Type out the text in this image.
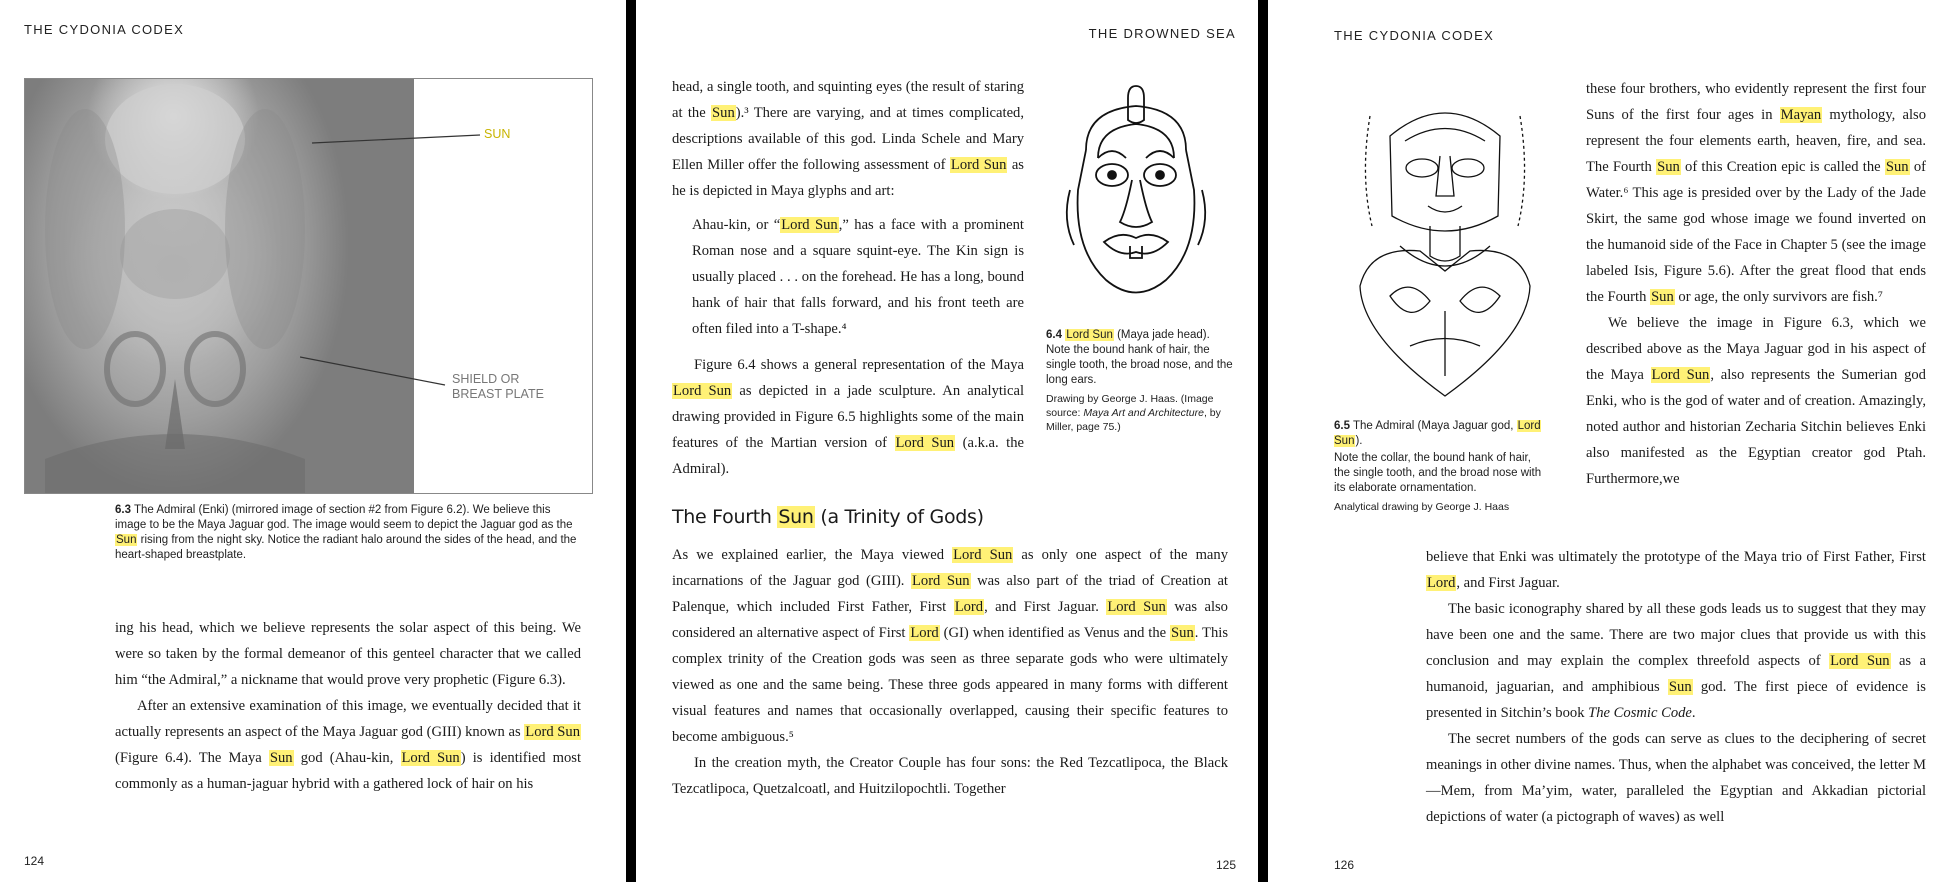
THE CYDONIA CODEX
SUN
SHIELD OR
BREAST PLATE
6.3 The Admiral (Enki) (mirrored image of section #2 from Figure 6.2). We believe this image to be the Maya Jaguar god. The image would seem to depict the Jaguar god as the Sun rising from the night sky. Notice the radiant halo around the sides of the head, and the heart-shaped breastplate.

ing his head, which we believe represents the solar aspect of this being. We were so taken by the formal demeanor of this genteel character that we called him “the Admiral,” a nickname that would prove very prophetic (Figure 6.3).

After an extensive examination of this image, we eventually decided that it actually represents an aspect of the Maya Jaguar god (GIII) known as Lord Sun (Figure 6.4). The Maya Sun god (Ahau-kin, Lord Sun) is identified most commonly as a human-jaguar hybrid with a gathered lock of hair on his

124
THE DROWNED SEA

head, a single tooth, and squinting eyes (the result of staring at the Sun).³ There are varying, and at times complicated, descriptions available of this god. Linda Schele and Mary Ellen Miller offer the following assessment of Lord Sun as he is depicted in Maya glyphs and art:

Ahau-kin, or “Lord Sun,” has a face with a prominent Roman nose and a square squint-eye. The Kin sign is usually placed . . . on the forehead. He has a long, bound hank of hair that falls forward, and his front teeth are often filed into a T-shape.⁴

Figure 6.4 shows a general representation of the Maya Lord Sun as depicted in a jade sculpture. An analytical drawing provided in Figure 6.5 highlights some of the main features of the Martian version of Lord Sun (a.k.a. the Admiral).

6.4 Lord Sun (Maya jade head). Note the bound hank of hair, the single tooth, the broad nose, and the long ears.
Drawing by George J. Haas. (Image source: Maya Art and Architecture, by Miller, page 75.)
The Fourth Sun (a Trinity of Gods)

As we explained earlier, the Maya viewed Lord Sun as only one aspect of the many incarnations of the Jaguar god (GIII). Lord Sun was also part of the triad of Creation at Palenque, which included First Father, First Lord, and First Jaguar. Lord Sun was also considered an alternative aspect of First Lord (GI) when identified as Venus and the Sun. This complex trinity of the Creation gods was seen as three separate gods who were ultimately viewed as one and the same being. These three gods appeared in many forms with different visual features and names that occasionally overlapped, causing their specific features to become ambiguous.⁵

In the creation myth, the Creator Couple has four sons: the Red Tezcatlipoca, the Black Tezcatlipoca, Quetzalcoatl, and Huitzilopochtli. Together

125
THE CYDONIA CODEX
6.5 The Admiral (Maya Jaguar god, Lord Sun).
Note the collar, the bound hank of hair, the single tooth, and the broad nose with its elaborate ornamentation.
Analytical drawing by George J. Haas

these four brothers, who evidently represent the first four Suns of the first four ages in Mayan mythology, also represent the four elements earth, heaven, fire, and sea. The Fourth Sun of this Creation epic is called the Sun of Water.⁶ This age is presided over by the Lady of the Jade Skirt, the same god whose image we found inverted on the humanoid side of the Face in Chapter 5 (see the image labeled Isis, Figure 5.6). After the great flood that ends the Fourth Sun or age, the only survivors are fish.⁷

We believe the image in Figure 6.3, which we described above as the Maya Jaguar god in his aspect of the Maya Lord Sun, also represents the Sumerian god Enki, who is the god of water and of creation. Amazingly, noted author and historian Zecharia Sitchin believes Enki also manifested as the Egyptian creator god Ptah. Furthermore,we

believe that Enki was ultimately the prototype of the Maya trio of First Father, First Lord, and First Jaguar.

The basic iconography shared by all these gods leads us to suggest that they may have been one and the same. There are two major clues that provide us with this conclusion and may explain the complex threefold aspects of Lord Sun as a humanoid, jaguarian, and amphibious Sun god. The first piece of evidence is presented in Sitchin’s book The Cosmic Code.

The secret numbers of the gods can serve as clues to the deciphering of secret meanings in other divine names. Thus, when the alphabet was conceived, the letter M—Mem, from Ma’yim, water, paralleled the Egyptian and Akkadian pictorial depictions of water (a pictograph of waves) as well

126
